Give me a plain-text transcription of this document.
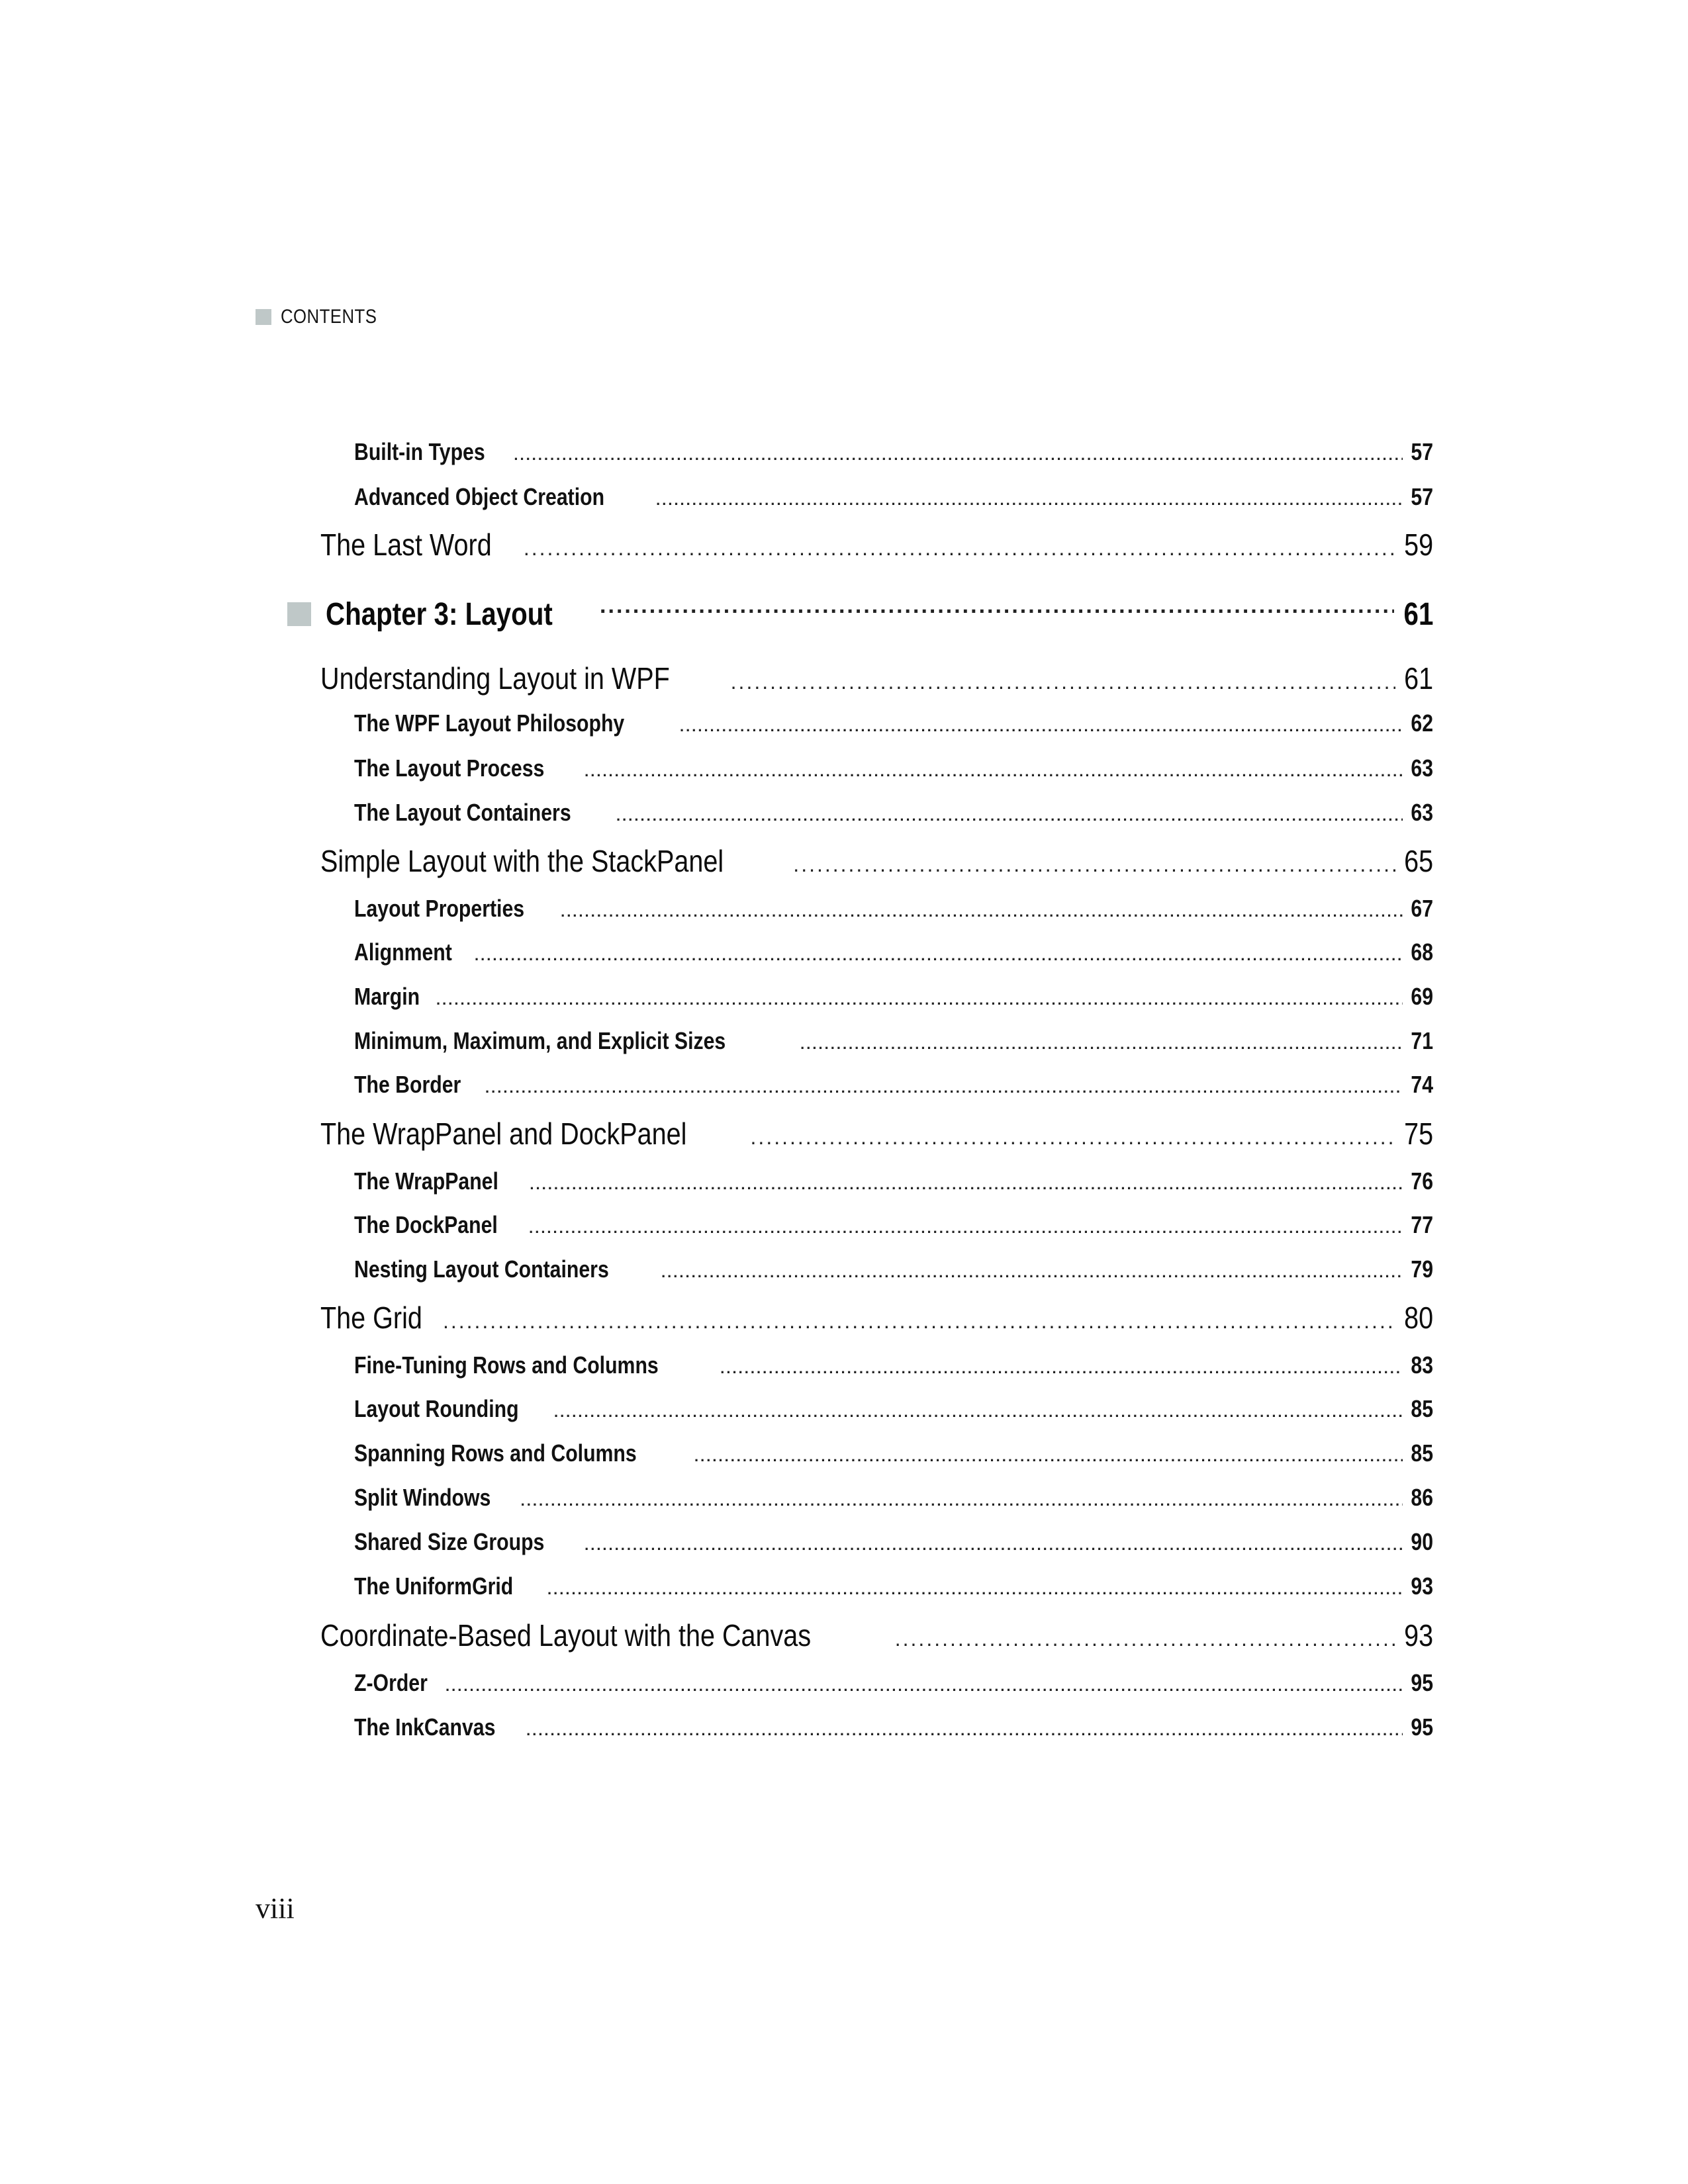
CONTENTS
Built-in Types .....	57
Advanced Object Creation .....	57
The Last Word .....	59
Chapter 3: Layout .....	61
Understanding Layout in WPF .....	61
The WPF Layout Philosophy .....	62
The Layout Process .....	63
The Layout Containers .....	63
Simple Layout with the StackPanel .....	65
Layout Properties .....	67
Alignment .....	68
Margin .....	69
Minimum, Maximum, and Explicit Sizes .....	71
The Border .....	74
The WrapPanel and DockPanel .....	75
The WrapPanel .....	76
The DockPanel .....	77
Nesting Layout Containers .....	79
The Grid .....	80
Fine-Tuning Rows and Columns .....	83
Layout Rounding .....	85
Spanning Rows and Columns .....	85
Split Windows .....	86
Shared Size Groups .....	90
The UniformGrid .....	93
Coordinate-Based Layout with the Canvas .....	93
Z-Order .....	95
The InkCanvas .....	95
viii
